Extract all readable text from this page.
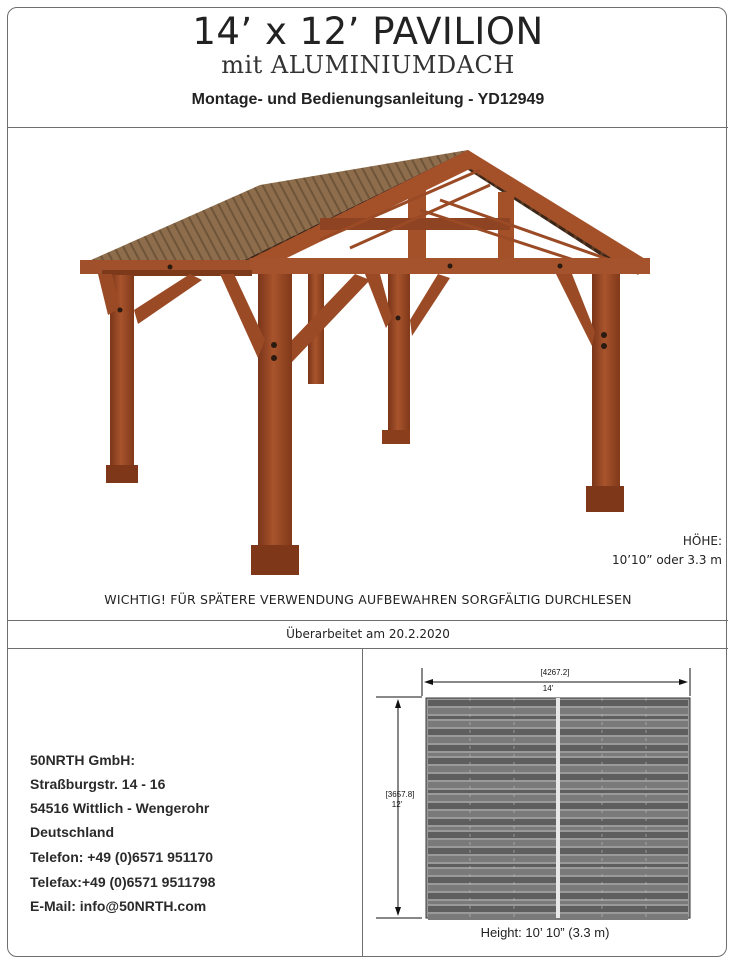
14’ x 12’ PAVILION
mit ALUMINIUMDACH
Montage- und Bedienungsanleitung - YD12949
HÖHE:
10’10” oder 3.3 m
WICHTIG! FÜR SPÄTERE VERWENDUNG AUFBEWAHREN SORGFÄLTIG DURCHLESEN
Überarbeitet am 20.2.2020
50NRTH GmbH:
Straßburgstr. 14 - 16
54516 Wittlich - Wengerohr
Deutschland
Telefon: +49 (0)6571 951170
Telefax:+49 (0)6571 9511798
E-Mail: info@50NRTH.com
[4267.2]
14'
[3657.8]
12'
Height: 10’ 10” (3.3 m)
